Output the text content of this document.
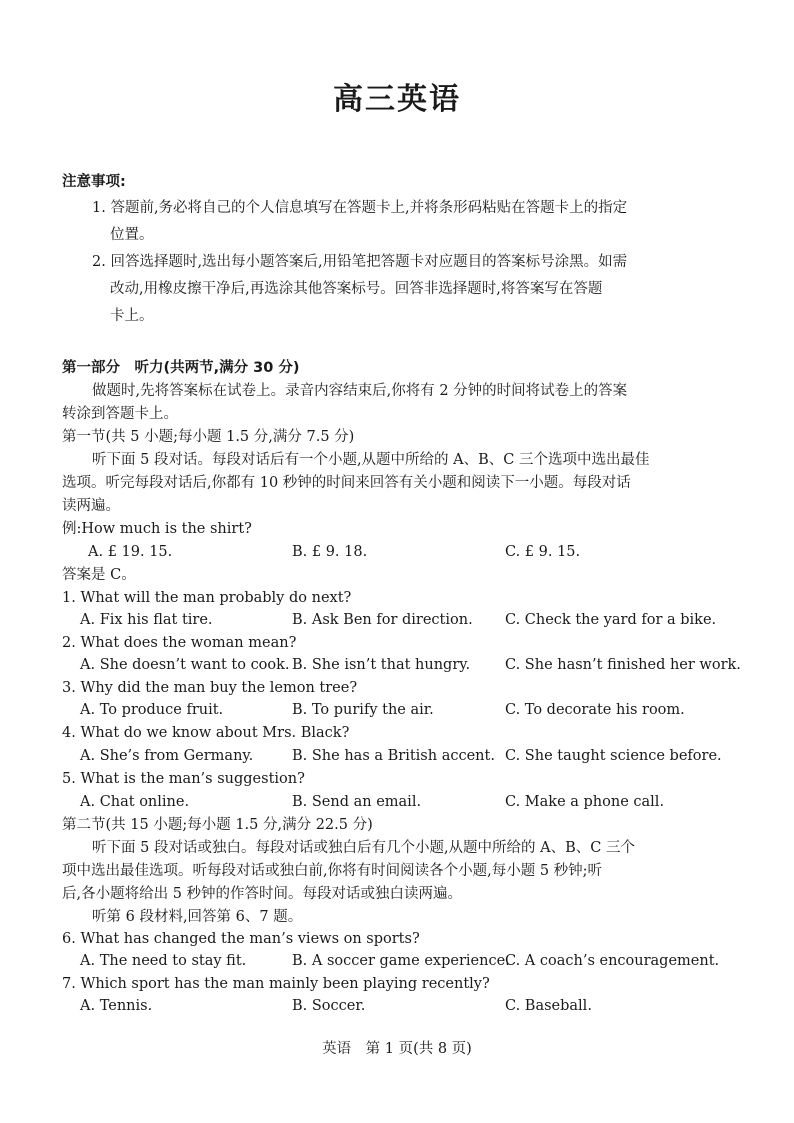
高三英语
注意事项:
1. 答题前,务必将自己的个人信息填写在答题卡上,并将条形码粘贴在答题卡上的指定
位置。
2. 回答选择题时,选出每小题答案后,用铅笔把答题卡对应题目的答案标号涂黑。如需
改动,用橡皮擦干净后,再选涂其他答案标号。回答非选择题时,将答案写在答题
卡上。
第一部分　听力(共两节,满分 30 分)
做题时,先将答案标在试卷上。录音内容结束后,你将有 2 分钟的时间将试卷上的答案
转涂到答题卡上。
第一节(共 5 小题;每小题 1.5 分,满分 7.5 分)
听下面 5 段对话。每段对话后有一个小题,从题中所给的 A、B、C 三个选项中选出最佳
选项。听完每段对话后,你都有 10 秒钟的时间来回答有关小题和阅读下一小题。每段对话
读两遍。
例:How much is the shirt?
A. £ 19. 15.	B. £ 9. 18.	C. £ 9. 15.
答案是 C。
1. What will the man probably do next?
A. Fix his flat tire.	B. Ask Ben for direction. C. Check the yard for a bike.
2. What does the woman mean?
A. She doesn’t want to cook. B. She isn’t that hungry. C. She hasn’t finished her work.
3. Why did the man buy the lemon tree?
A. To produce fruit.	B. To purify the air.	C. To decorate his room.
4. What do we know about Mrs. Black?
A. She’s from Germany.	B. She has a British accent. C. She taught science before.
5. What is the man’s suggestion?
A. Chat online.	B. Send an email.	C. Make a phone call.
第二节(共 15 小题;每小题 1.5 分,满分 22.5 分)
听下面 5 段对话或独白。每段对话或独白后有几个小题,从题中所给的 A、B、C 三个
项中选出最佳选项。听每段对话或独白前,你将有时间阅读各个小题,每小题 5 秒钟;听
后,各小题将给出 5 秒钟的作答时间。每段对话或独白读两遍。
听第 6 段材料,回答第 6、7 题。
6. What has changed the man’s views on sports?
A. The need to stay fit.	B. A soccer game experience.
C. A coach’s encouragement.
7. Which sport has the man mainly been playing recently?
A. Tennis.	B. Soccer.	C. Baseball.
英语　第 1 页(共 8 页)
